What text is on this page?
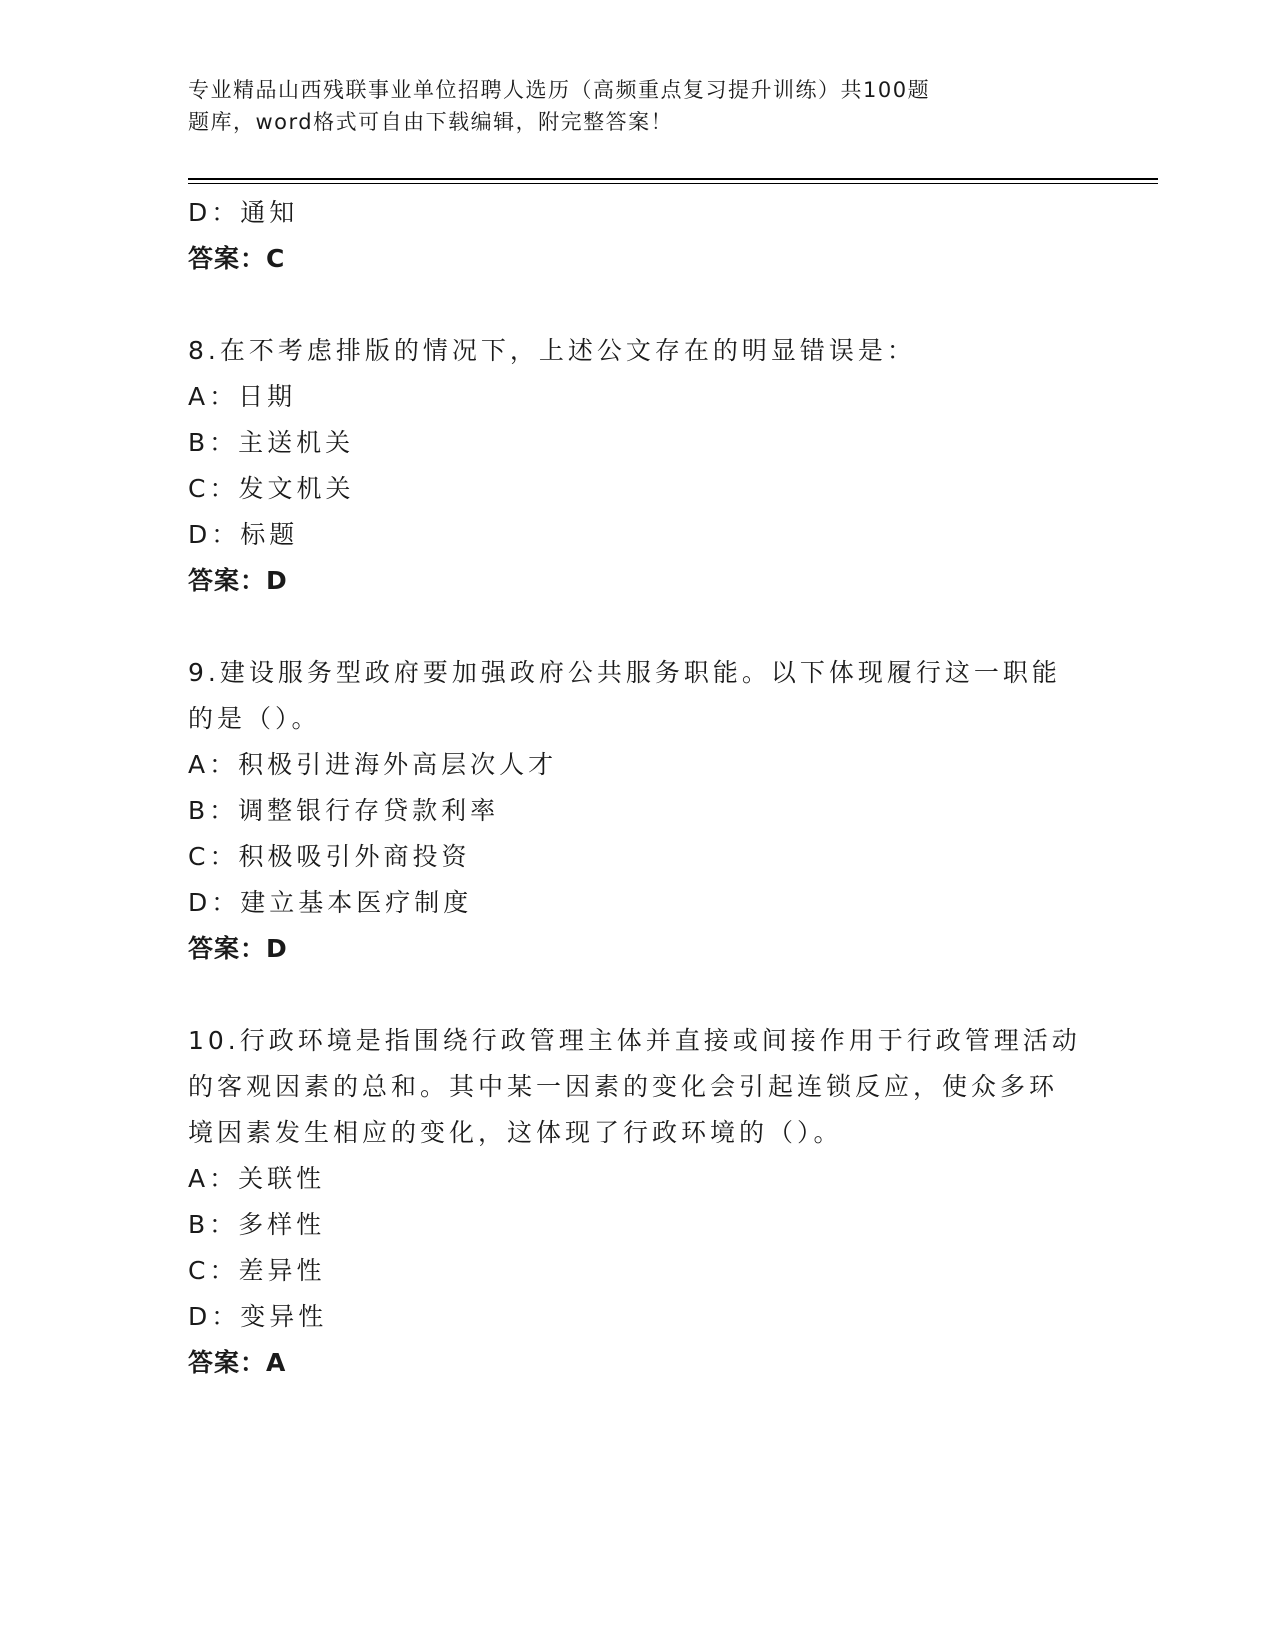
专业精品山西残联事业单位招聘人选历（高频重点复习提升训练）共100题
题库，word格式可自由下载编辑，附完整答案！
D：通知
答案：C
8.在不考虑排版的情况下，上述公文存在的明显错误是：
A：日期
B：主送机关
C：发文机关
D：标题
答案：D
9.建设服务型政府要加强政府公共服务职能。以下体现履行这一职能
的是（）。
A：积极引进海外高层次人才
B：调整银行存贷款利率
C：积极吸引外商投资
D：建立基本医疗制度
答案：D
10.行政环境是指围绕行政管理主体并直接或间接作用于行政管理活动
的客观因素的总和。其中某一因素的变化会引起连锁反应，使众多环
境因素发生相应的变化，这体现了行政环境的（）。
A：关联性
B：多样性
C：差异性
D：变异性
答案：A
